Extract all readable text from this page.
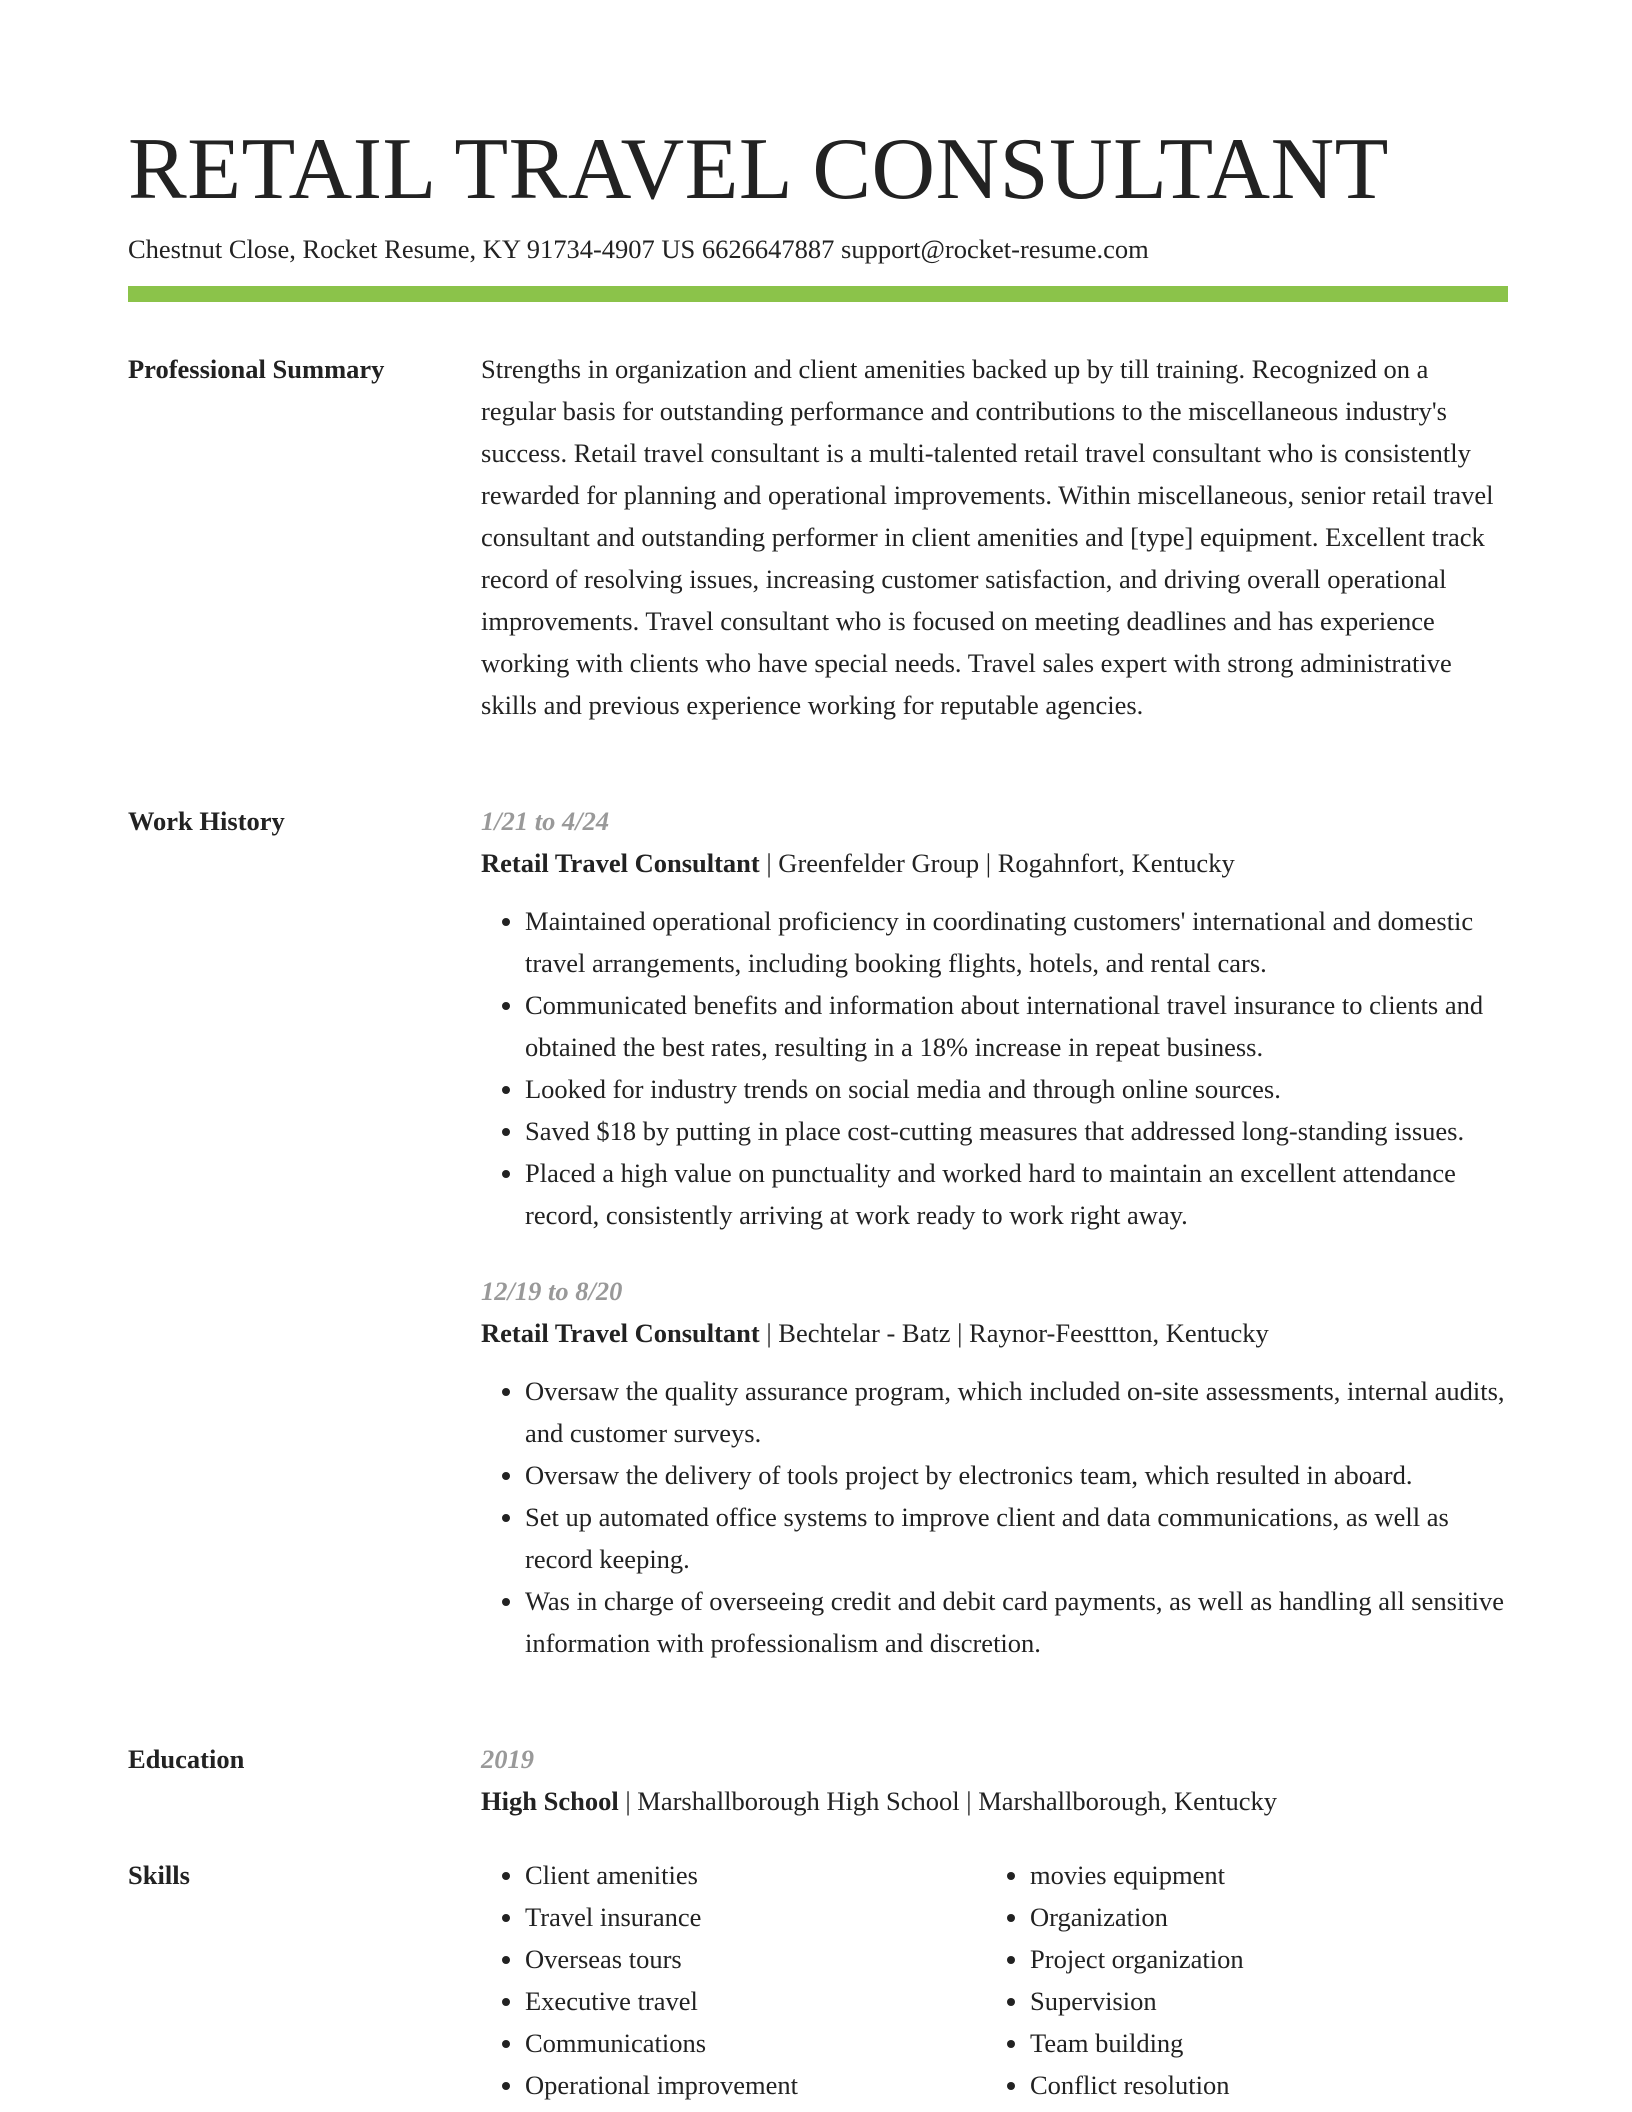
RETAIL TRAVEL CONSULTANT
Chestnut Close, Rocket Resume, KY 91734-4907 US 6626647887 support@rocket-resume.com
Professional Summary	Strengths in organization and client amenities backed up by till training. Recognized on a regular basis for outstanding performance and contributions to the miscellaneous industry's success. Retail travel consultant is a multi-talented retail travel consultant who is consistently rewarded for planning and operational improvements. Within miscellaneous, senior retail travel consultant and outstanding performer in client amenities and [type] equipment. Excellent track record of resolving issues, increasing customer satisfaction, and driving overall operational improvements. Travel consultant who is focused on meeting deadlines and has experience working with clients who have special needs. Travel sales expert with strong administrative skills and previous experience working for reputable agencies.

Work History	1/21 to 4/24

Retail Travel Consultant | Greenfelder Group | Rogahnfort, Kentucky

• Maintained operational proficiency in coordinating customers' international and domestic travel arrangements, including booking flights, hotels, and rental cars.
• Communicated benefits and information about international travel insurance to clients and obtained the best rates, resulting in a 18% increase in repeat business.
• Looked for industry trends on social media and through online sources.
• Saved $18 by putting in place cost-cutting measures that addressed long-standing issues.
• Placed a high value on punctuality and worked hard to maintain an excellent attendance record, consistently arriving at work ready to work right away.

12/19 to 8/20

Retail Travel Consultant | Bechtelar - Batz | Raynor-Feesttton, Kentucky

• Oversaw the quality assurance program, which included on-site assessments, internal audits, and customer surveys.
• Oversaw the delivery of tools project by electronics team, which resulted in aboard.
• Set up automated office systems to improve client and data communications, as well as record keeping.
• Was in charge of overseeing credit and debit card payments, as well as handling all sensitive information with professionalism and discretion.
Education	2019

High School | Marshallborough High School | Marshallborough, Kentucky

Skills
•	Client amenities
• Travel insurance
• Overseas tours
• Executive travel
• Communications
• Operational improvement
• movies equipment
• Organization
• Project organization
• Supervision
• Team building
• Conflict resolution
